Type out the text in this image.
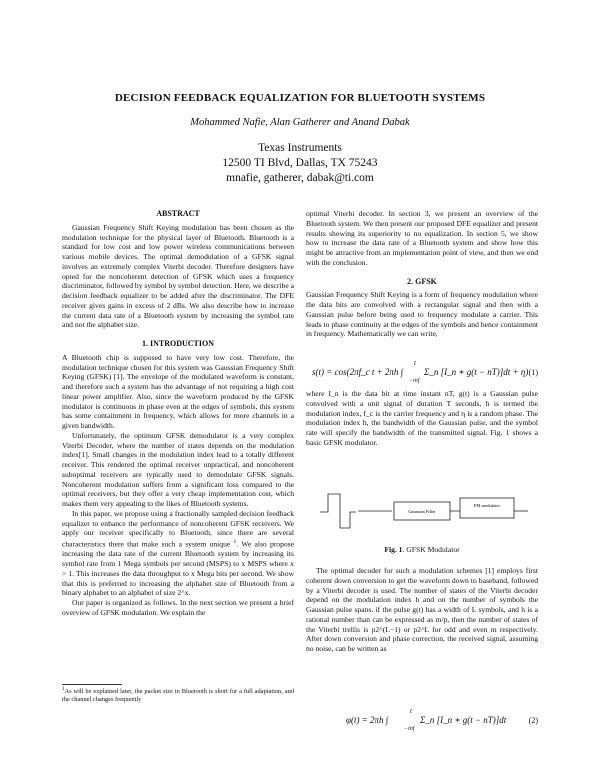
DECISION FEEDBACK EQUALIZATION FOR BLUETOOTH SYSTEMS
Mohammed Nafie, Alan Gatherer and Anand Dabak
Texas Instruments
12500 TI Blvd, Dallas, TX 75243
mnafie, gatherer, dabak@ti.com
ABSTRACT

Gaussian Frequency Shift Keying modulation has been chosen as the modulation technique for the physical layer of Bluetooth. Bluetooth is a standard for low cost and low power wireless communications between various mobile devices. The optimal demodulation of a GFSK signal involves an extremely complex Viterbi decoder. Therefore designers have opted for the noncoherent detection of GFSK which uses a frequency discriminator, followed by symbol by symbol detection. Here, we describe a decision feedback equalizer to be added after the discriminator. The DFE receiver gives gains in excess of 2 dBs. We also describe how to increase the current data rate of a Bluetooth system by increasing the symbol rate and not the alphabet size.

1. INTRODUCTION

A Bluetooth chip is supposed to have very low cost. Therefore, the modulation technique chosen for this system was Gaussian Frequency Shift Keying (GFSK) [1]. The envelope of the modulated waveform is constant, and therefore such a system has the advantage of not requiring a high cost linear power amplifier. Also, since the waveform produced by the GFSK modulator is continuous in phase even at the edges of symbols, this system has some containment in frequency, which allows for more channels in a given bandwidth.

Unfortunately, the optimum GFSK demodulator is a very complex Viterbi Decoder, where the number of states depends on the modulation index[1]. Small changes in the modulation index lead to a totally different receiver. This rendered the optimal receiver unpractical, and noncoherent suboptimal receivers are typically used to demodulate GFSK signals. Noncoherent modulation suffers from a significant loss compared to the optimal receivers, but they offer a very cheap implementation cost, which makes them very appealing to the likes of Bluetooth systems.

In this paper, we propose using a fractionally sampled decision feedback equalizer to enhance the performance of noncoherent GFSK receivers. We apply our receiver specifically to Bluetooth, since there are several characteristics there that make such a system unique $^1$. We also propose increasing the data rate of the current Bluetooth system by increasing its symbol rate from 1 Mega symbols per second (MSPS) to x MSPS where x > 1. This increases the data throughput to x Mega bits per second. We show that this is preferred to increasing the alphabet size of Bluetooth from a binary alphabet to an alphabet of size 2^x.

Our paper is organized as follows. In the next section we present a brief overview of GFSK modulation. We explain the

$^1$As will be explained later, the packet size in Bluetooth is short for a full adaptation, and the channel changes frequently

optimal Viterbi decoder. In section 3, we present an overview of the Bluetooth system. We then present our proposed DFE equalizer and present results showing its superiority to no equalization. In section 5, we show how to increase the data rate of a Bluetooth system and show how this might be attractive from an implementation point of view, and then we end with the conclusion.

2. GFSK

Gaussian Frequency Shift Keying is a form of frequency modulation where the data bits are convolved with a rectangular signal and then with a Gaussian pulse before being used to frequency modulate a carrier. This leads to phase continuity at the edges of the symbols and hence containment in frequency. Mathematically we can write,

s(t) = cos(2πf_c t + 2πh ∫
t
−inf
Σ_n [I_n ∗ g(t − nT)]dt + η) (1)

where I_n is the data bit at time instant nT, g(t) is a Gaussian pulse convolved with a unit signal of duration T seconds, h is termed the modulation index, f_c is the carrier frequency and η is a random phase. The modulation index h, the bandwidth of the Gaussian pulse, and the symbol rate will specify the bandwidth of the transmitted signal. Fig. 1 shows a basic GFSK modulator.

Gaussian Filter
FM modulator
Fig. 1. GFSK Modulator

The optimal decoder for such a modulation schemes [1] employs first coherent down conversion to get the waveform down to baseband, followed by a Viterbi decoder is used. The number of states of the Viterbi decoder depend on the modulation index h and on the number of symbols the Gaussian pulse spans. if the pulse g(t) has a width of L symbols, and h is a rational number than can be expressed as m/p, then the number of states of the Viterbi trellis is p2^(L−1) or p2^L for odd and even m respectively. After down conversion and phase correction, the received signal, assuming no noise, can be written as

φ(t) = 2πh ∫
t
−inf
Σ_n [I_n ∗ g(t − nT)]dt	(2)
